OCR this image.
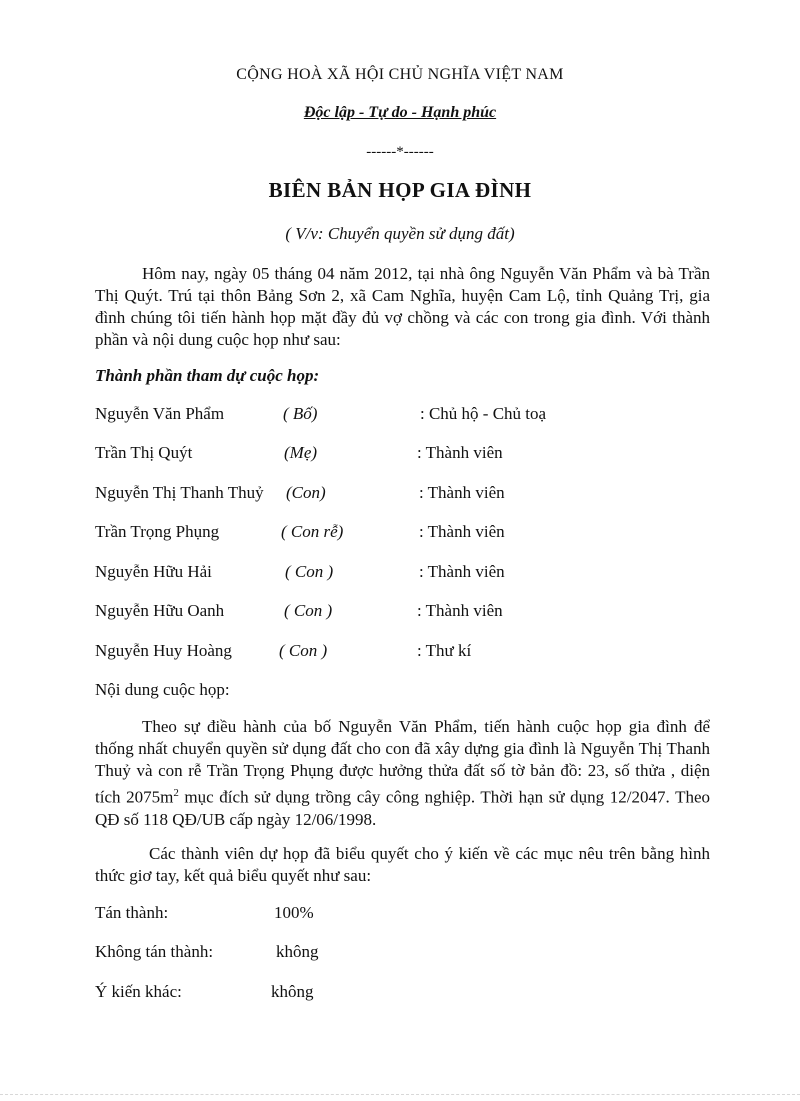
CỘNG HOÀ XÃ HỘI CHỦ NGHĨA VIỆT NAM
Độc lập - Tự do - Hạnh phúc
------*------
BIÊN BẢN HỌP GIA ĐÌNH
( V/v: Chuyển quyền sử dụng đất)

Hôm nay, ngày 05 tháng 04 năm 2012, tại nhà ông Nguyễn Văn Phẩm và bà Trần Thị Quýt. Trú tại thôn Bảng Sơn 2, xã Cam Nghĩa, huyện Cam Lộ, tỉnh Quảng Trị, gia đình chúng tôi tiến hành họp mặt đầy đủ vợ chồng và các con trong gia đình. Với thành phần và nội dung cuộc họp như sau:

Thành phần tham dự cuộc họp:
Nguyễn Văn Phẩm	( Bố)	: Chủ hộ - Chủ toạ
Trần Thị Quýt	(Mẹ)	: Thành viên
Nguyễn Thị Thanh Thuỷ (Con)	: Thành viên
Trần Trọng Phụng	( Con rễ)	: Thành viên
Nguyễn Hữu Hải	( Con )	: Thành viên
Nguyễn Hữu Oanh	( Con )	: Thành viên
Nguyễn Huy Hoàng	( Con )	: Thư kí
Nội dung cuộc họp:

Theo sự điều hành của bố Nguyễn Văn Phẩm, tiến hành cuộc họp gia đình để thống nhất chuyển quyền sử dụng đất cho con đã xây dựng gia đình là Nguyễn Thị Thanh Thuỷ và con rễ Trần Trọng Phụng được hưởng thửa đất số tờ bản đồ: 23, số thửa , diện tích $2075m^2$ mục đích sử dụng trồng cây công nghiệp. Thời hạn sử dụng 12/2047. Theo QĐ số 118 QĐ/UB cấp ngày 12/06/1998.

Các thành viên dự họp đã biểu quyết cho ý kiến về các mục nêu trên bằng hình thức giơ tay, kết quả biểu quyết như sau:

Tán thành:	100%
Không tán thành:	không
Ý kiến khác:	không
